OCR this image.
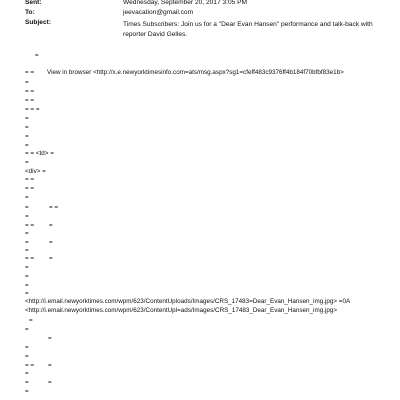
Sent:	Wednesday, September 20, 2017 3:05 PM
To:	jeevacation@gmail.com
Subject:	Times Subscribers: Join us for a "Dear Evan Hansen" performance and talk-back with reporter David Gelles.
=
= = View in browser <http://x.e.newyorktimesinfo.com=ats/msg.aspx?sg1=cfeff483c9376ff4b184f70bfbf83e1b>
=
= =
= =
= = =
=
=
=
=
= = <td> =
=
<div> =
= =
= =
=
=	= =
=
= = =
=
=	=
=
= = =
=
=
=
=
<http://i.email.newyorktimes.com/wpm/623/ContentUploads/Images/CRS_17483=Dear_Evan_Hansen_img.jpg> =0A
<http://i.email.newyorktimes.com/wpm/623/ContentUpl=ads/Images/CRS_17483_Dear_Evan_Hansen_img.jpg>
=
=
=
=
=
= = =
=
=	=
=
